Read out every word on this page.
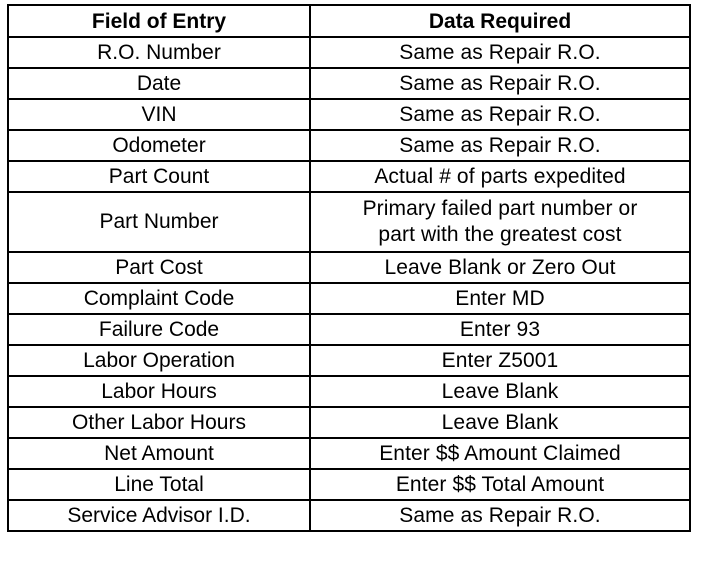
Field of Entry	Data Required
R.O. Number	Same as Repair R.O.
Date	Same as Repair R.O.
VIN	Same as Repair R.O.
Odometer	Same as Repair R.O.
Part Count	Actual # of parts expedited
Part Number	Primary failed part number or
part with the greatest cost
Part Cost	Leave Blank or Zero Out
Complaint Code	Enter MD
Failure Code	Enter 93
Labor Operation	Enter Z5001
Labor Hours	Leave Blank
Other Labor Hours	Leave Blank
Net Amount	Enter $$ Amount Claimed
Line Total	Enter $$ Total Amount
Service Advisor I.D.	Same as Repair R.O.
